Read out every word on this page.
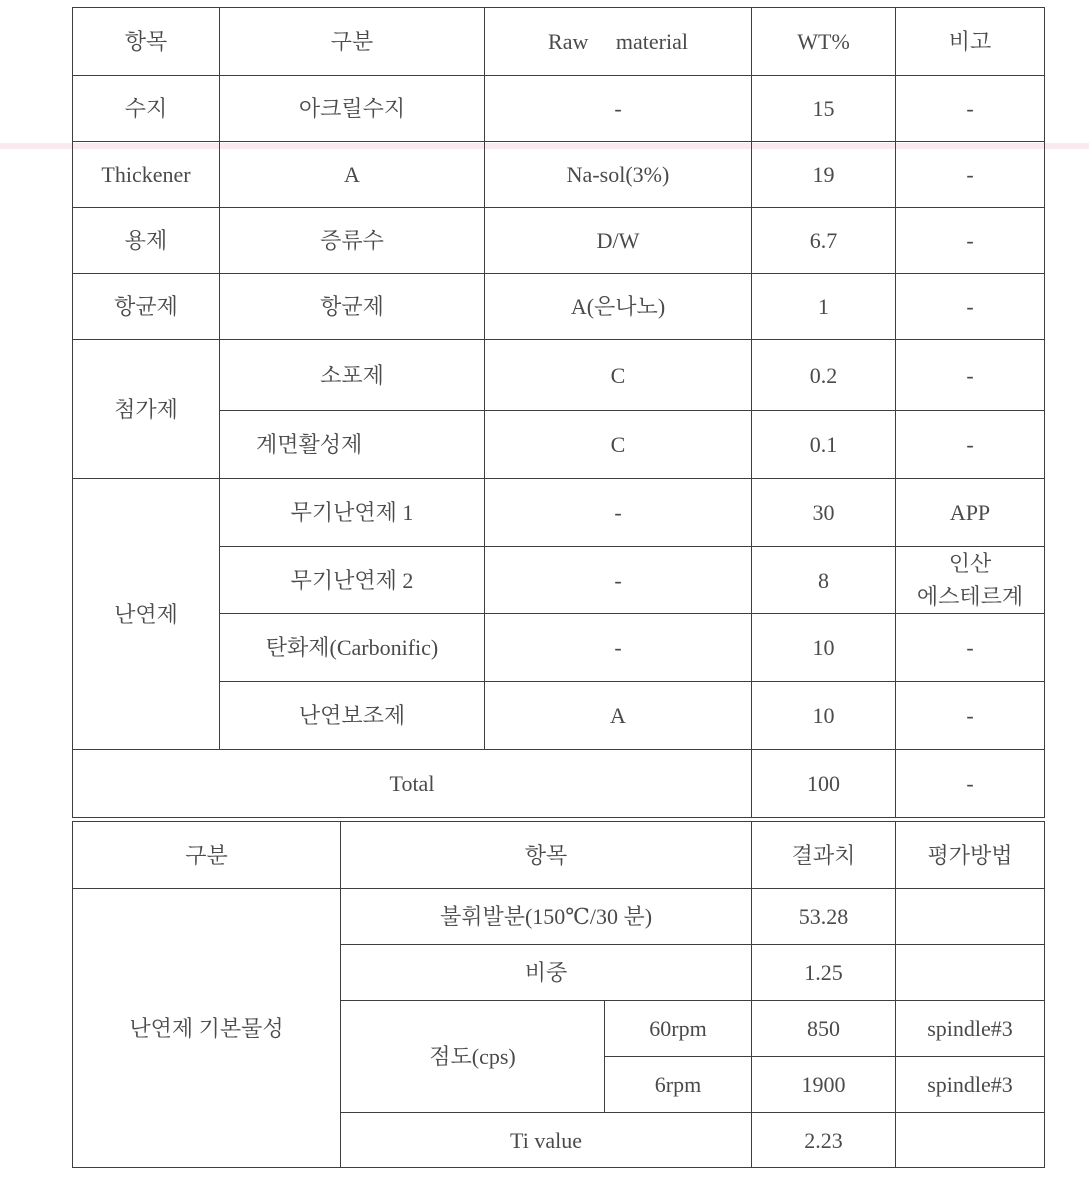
항목	구분	Raw     material	WT%	비고
수지	아크릴수지	-	15	-
Thickener	A	Na-sol(3%)	19	-
용제	증류수	D/W	6.7	-
항균제	항균제	A(은나노)	1	-
첨가제	소포제	C	0.2	-
	계면활성제	C	0.1	-
난연제	무기난연제 1	-	30	APP
	무기난연제 2	-	8	인산
에스테르계
	탄화제(Carbonific)	-	10	-
	난연보조제	A	10	-
Total			100	-
구분	항목		결과치	평가방법
난연제 기본물성	불휘발분(150℃/30 분)		53.28	
	비중		1.25	
	점도(cps)	60rpm	850	spindle#3
		6rpm	1900	spindle#3
	Ti value		2.23	
